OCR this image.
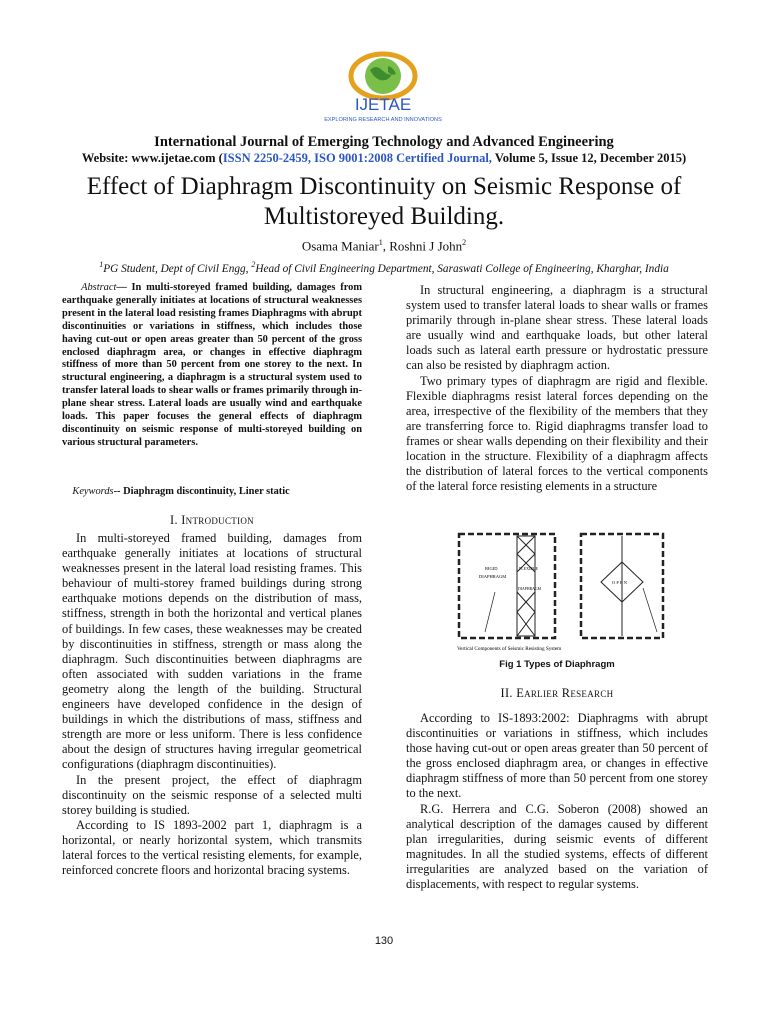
IJETAE
EXPLORING RESEARCH AND INNOVATIONS
International Journal of Emerging Technology and Advanced Engineering
Website: www.ijetae.com (ISSN 2250-2459, ISO 9001:2008 Certified Journal, Volume 5, Issue 12, December 2015)
Effect of Diaphragm Discontinuity on Seismic Response of Multistoreyed Building.
Osama Maniar$^1$, Roshni J John$^2$
$^1$PG Student, Dept of Civil Engg, $^2$Head of Civil Engineering Department, Saraswati College of Engineering, Kharghar, India
Abstract— In multi-storeyed framed building, damages from earthquake generally initiates at locations of structural weaknesses present in the lateral load resisting frames Diaphragms with abrupt discontinuities or variations in stiffness, which includes those having cut-out or open areas greater than 50 percent of the gross enclosed diaphragm area, or changes in effective diaphragm stiffness of more than 50 percent from one storey to the next. In structural engineering, a diaphragm is a structural system used to transfer lateral loads to shear walls or frames primarily through in-plane shear stress. Lateral loads are usually wind and earthquake loads. This paper focuses the general effects of diaphragm discontinuity on seismic response of multi-storeyed building on various structural parameters.
Keywords-- Diaphragm discontinuity, Liner static
I. Introduction

In multi-storeyed framed building, damages from earthquake generally initiates at locations of structural weaknesses present in the lateral load resisting frames. This behaviour of multi-storey framed buildings during strong earthquake motions depends on the distribution of mass, stiffness, strength in both the horizontal and vertical planes of buildings. In few cases, these weaknesses may be created by discontinuities in stiffness, strength or mass along the diaphragm. Such discontinuities between diaphragms are often associated with sudden variations in the frame geometry along the length of the building. Structural engineers have developed confidence in the design of buildings in which the distributions of mass, stiffness and strength are more or less uniform. There is less confidence about the design of structures having irregular geometrical configurations (diaphragm discontinuities).

In the present project, the effect of diaphragm discontinuity on the seismic response of a selected multi storey building is studied.

According to IS 1893-2002 part 1, diaphragm is a horizontal, or nearly horizontal system, which transmits lateral forces to the vertical resisting elements, for example, reinforced concrete floors and horizontal bracing systems.

In structural engineering, a diaphragm is a structural system used to transfer lateral loads to shear walls or frames primarily through in-plane shear stress. These lateral loads are usually wind and earthquake loads, but other lateral loads such as lateral earth pressure or hydrostatic pressure can also be resisted by diaphragm action.

Two primary types of diaphragm are rigid and flexible. Flexible diaphragms resist lateral forces depending on the area, irrespective of the flexibility of the members that they are transferring force to. Rigid diaphragms transfer load to frames or shear walls depending on their flexibility and their location in the structure. Flexibility of a diaphragm affects the distribution of lateral forces to the vertical components of the lateral force resisting elements in a structure

RIGID
DIAPHRAGM
FLEXIBLE
DIAPHRAGM
O P E N
Vertical Components of Seismic Resisting System
Fig 1 Types of Diaphragm
II. Earlier Research

According to IS-1893:2002: Diaphragms with abrupt discontinuities or variations in stiffness, which includes those having cut-out or open areas greater than 50 percent of the gross enclosed diaphragm area, or changes in effective diaphragm stiffness of more than 50 percent from one storey to the next.

R.G. Herrera and C.G. Soberon (2008) showed an analytical description of the damages caused by different plan irregularities, during seismic events of different magnitudes. In all the studied systems, effects of different irregularities are analyzed based on the variation of displacements, with respect to regular systems.

130
